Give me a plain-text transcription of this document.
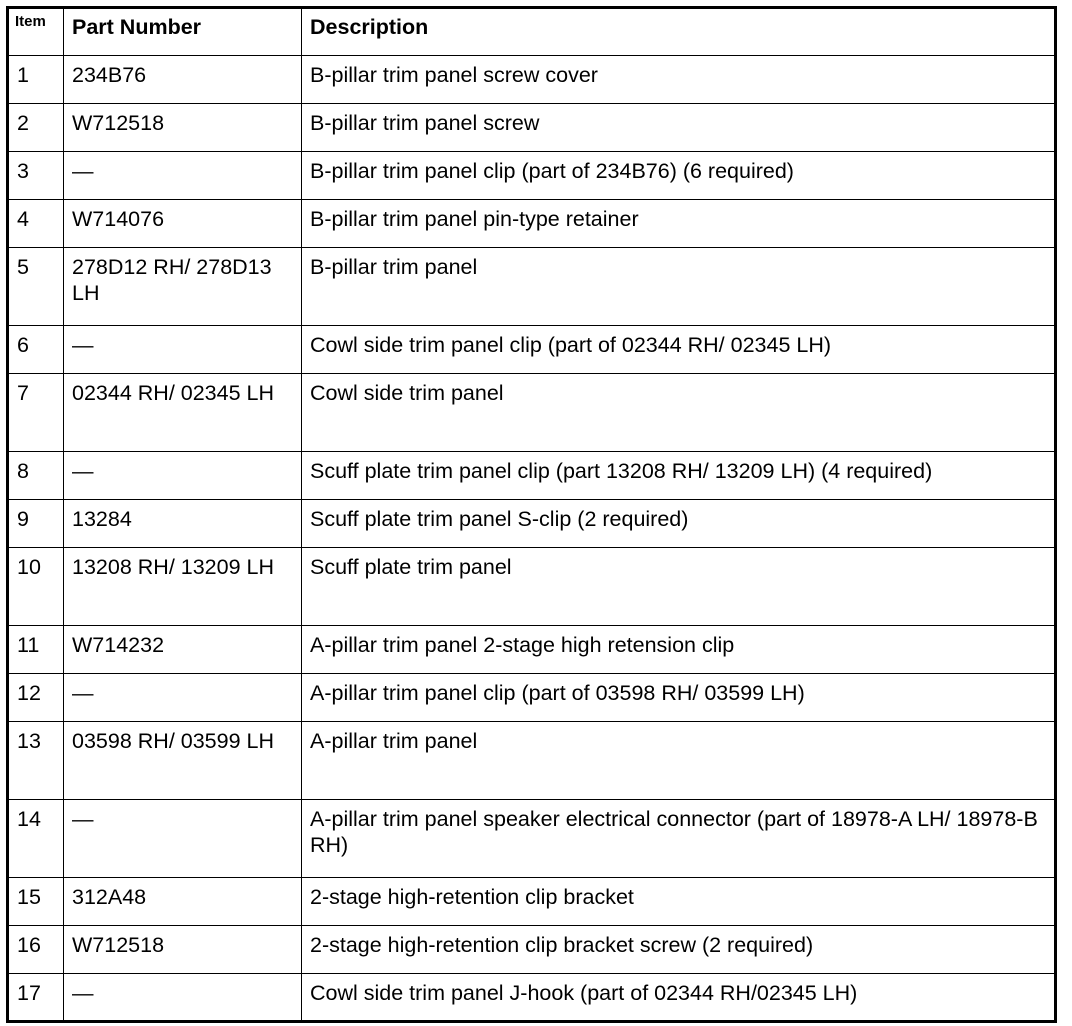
Item	Part Number	Description
1	234B76	B-pillar trim panel screw cover
2	W712518	B-pillar trim panel screw
3	—	B-pillar trim panel clip (part of 234B76) (6 required)
4	W714076	B-pillar trim panel pin-type retainer
5	278D12 RH/ 278D13 LH	B-pillar trim panel
6	—	Cowl side trim panel clip (part of 02344 RH/ 02345 LH)
7	02344 RH/ 02345 LH	Cowl side trim panel
8	—	Scuff plate trim panel clip (part 13208 RH/ 13209 LH) (4 required)
9	13284	Scuff plate trim panel S-clip (2 required)
10	13208 RH/ 13209 LH	Scuff plate trim panel
11	W714232	A-pillar trim panel 2-stage high retension clip
12	—	A-pillar trim panel clip (part of 03598 RH/ 03599 LH)
13	03598 RH/ 03599 LH	A-pillar trim panel
14	—	A-pillar trim panel speaker electrical connector (part of 18978-A LH/ 18978-B RH)
15	312A48	2-stage high-retention clip bracket
16	W712518	2-stage high-retention clip bracket screw (2 required)
17	—	Cowl side trim panel J-hook (part of 02344 RH/02345 LH)
